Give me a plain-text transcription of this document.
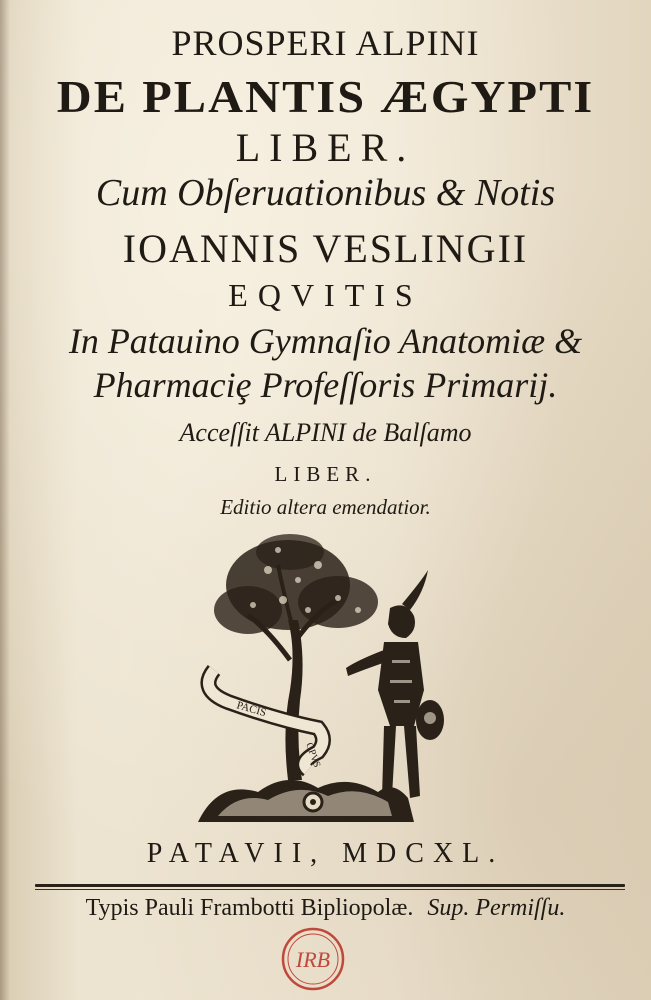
PROSPERI ALPINI
DE PLANTIS ÆGYPTI
LIBER.
Cum Obſeruationibus & Notis
IOANNIS VESLINGII
EQVITIS
In Patauino Gymnaſio Anatomiæ &
Pharmaciȩ Profeſſoris Primarij.
Acceſſit ALPINI de Balſamo
LIBER.
Editio altera emendatior.
PACIS
OPVS
PATAVII, MDCXL.
Typis Pauli Frambotti Bipliopolæ. Sup. Permiſſu.
IRB
